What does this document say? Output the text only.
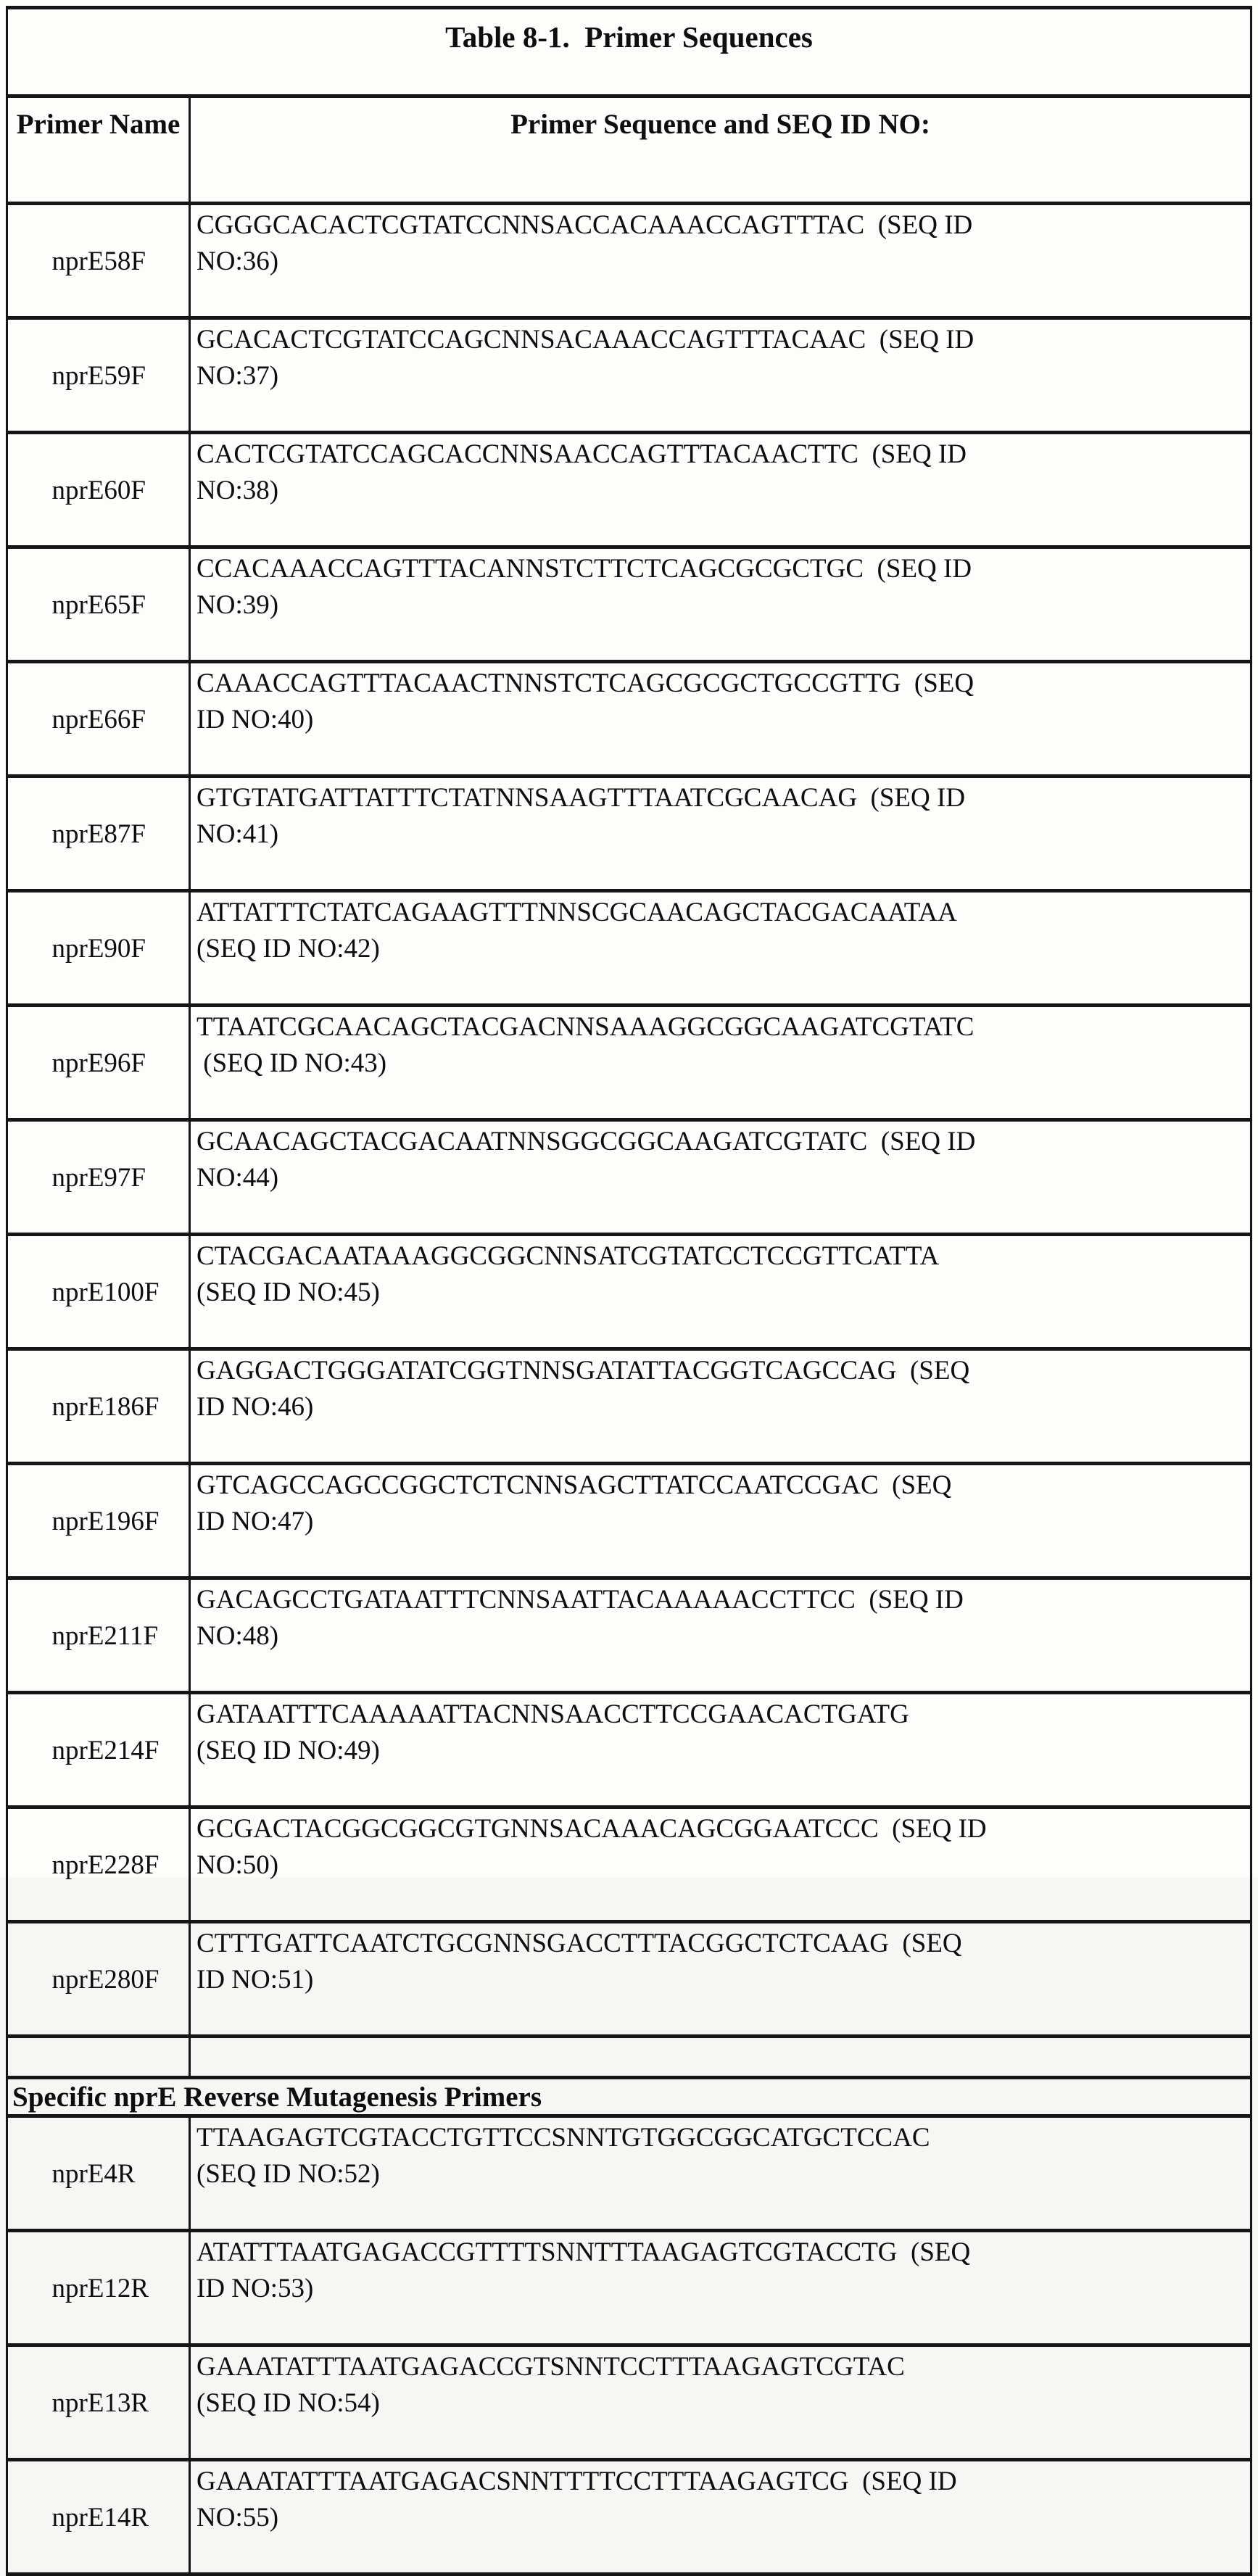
Table 8-1.  Primer Sequences	
Primer Name	Primer Sequence and SEQ ID NO:

nprE58F	CGGGCACACTCGTATCCNNSACCACAAACCAGTTTAC  (SEQ ID
NO:36)

nprE59F	GCACACTCGTATCCAGCNNSACAAACCAGTTTACAAC  (SEQ ID
NO:37)

nprE60F	CACTCGTATCCAGCACCNNSAACCAGTTTACAACTTC  (SEQ ID
NO:38)

nprE65F	CCACAAACCAGTTTACANNSTCTTCTCAGCGCGCTGC  (SEQ ID
NO:39)

nprE66F	CAAACCAGTTTACAACTNNSTCTCAGCGCGCTGCCGTTG  (SEQ
ID NO:40)

nprE87F	GTGTATGATTATTTCTATNNSAAGTTTAATCGCAACAG  (SEQ ID
NO:41)

nprE90F	ATTATTTCTATCAGAAGTTTNNSCGCAACAGCTACGACAATAA
(SEQ ID NO:42)

nprE96F	TTAATCGCAACAGCTACGACNNSAAAGGCGGCAAGATCGTATC
(SEQ ID NO:43)

nprE97F	GCAACAGCTACGACAATNNSGGCGGCAAGATCGTATC  (SEQ ID
NO:44)

nprE100F	CTACGACAATAAAGGCGGCNNSATCGTATCCTCCGTTCATTA
(SEQ ID NO:45)

nprE186F	GAGGACTGGGATATCGGTNNSGATATTACGGTCAGCCAG  (SEQ
ID NO:46)

nprE196F	GTCAGCCAGCCGGCTCTCNNSAGCTTATCCAATCCGAC  (SEQ
ID NO:47)

nprE211F	GACAGCCTGATAATTTCNNSAATTACAAAAACCTTCC  (SEQ ID
NO:48)

nprE214F	GATAATTTCAAAAATTACNNSAACCTTCCGAACACTGATG
(SEQ ID NO:49)

nprE228F	GCGACTACGGCGGCGTGNNSACAAACAGCGGAATCCC  (SEQ ID
NO:50)

nprE280F	CTTTGATTCAATCTGCGNNSGACCTTTACGGCTCTCAAG  (SEQ
ID NO:51)

Specific nprE Reverse Mutagenesis Primers	

nprE4R	TTAAGAGTCGTACCTGTTCCSNNTGTGGCGGCATGCTCCAC
(SEQ ID NO:52)

nprE12R	ATATTTAATGAGACCGTTTTSNNTTTAAGAGTCGTACCTG  (SEQ
ID NO:53)

nprE13R	GAAATATTTAATGAGACCGTSNNTCCTTTAAGAGTCGTAC
(SEQ ID NO:54)

nprE14R	GAAATATTTAATGAGACSNNTTTTCCTTTAAGAGTCG  (SEQ ID
NO:55)
